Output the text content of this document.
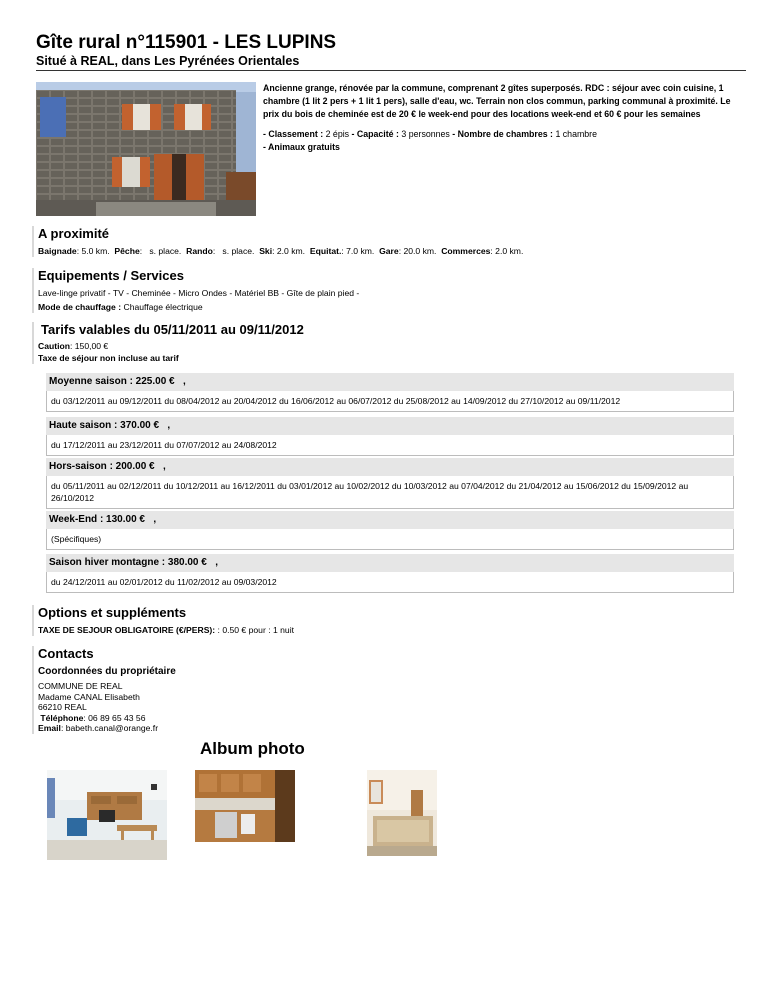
Gîte rural n°115901 - LES LUPINS
Situé à REAL, dans Les Pyrénées Orientales
Ancienne grange, rénovée par la commune, comprenant 2 gîtes superposés. RDC : séjour avec coin cuisine, 1 chambre (1 lit 2 pers + 1 lit 1 pers), salle d'eau, wc. Terrain non clos commun, parking communal à proximité. Le prix du bois de cheminée est de 20 € le week-end pour des locations week-end et 60 € pour les semaines
- Classement : 2 épis - Capacité : 3 personnes - Nombre de chambres : 1 chambre
- Animaux gratuits
A proximité
Baignade: 5.0 km. Pêche: s. place. Rando: s. place. Ski: 2.0 km. Equitat.: 7.0 km. Gare: 20.0 km. Commerces: 2.0 km.
Equipements / Services
Lave-linge privatif - TV - Cheminée - Micro Ondes - Matériel BB - Gîte de plain pied -
Mode de chauffage : Chauffage électrique
Tarifs valables du 05/11/2011 au 09/11/2012
Caution: 150,00 €
Taxe de séjour non incluse au tarif
Moyenne saison : 225.00 € ,
du 03/12/2011 au 09/12/2011 du 08/04/2012 au 20/04/2012 du 16/06/2012 au 06/07/2012 du 25/08/2012 au 14/09/2012 du 27/10/2012 au 09/11/2012
Haute saison : 370.00 € ,
du 17/12/2011 au 23/12/2011 du 07/07/2012 au 24/08/2012
Hors-saison : 200.00 € ,
du 05/11/2011 au 02/12/2011 du 10/12/2011 au 16/12/2011 du 03/01/2012 au 10/02/2012 du 10/03/2012 au 07/04/2012 du 21/04/2012 au 15/06/2012 du 15/09/2012 au 26/10/2012
Week-End : 130.00 € ,
(Spécifiques)
Saison hiver montagne : 380.00 € ,
du 24/12/2011 au 02/01/2012 du 11/02/2012 au 09/03/2012
Options et suppléments
TAXE DE SEJOUR OBLIGATOIRE (€/PERS): : 0.50 € pour : 1 nuit
Contacts
Coordonnées du propriétaire
COMMUNE DE REAL
Madame CANAL Elisabeth
66210 REAL
Téléphone: 06 89 65 43 56
Email: babeth.canal@orange.fr
Album photo
